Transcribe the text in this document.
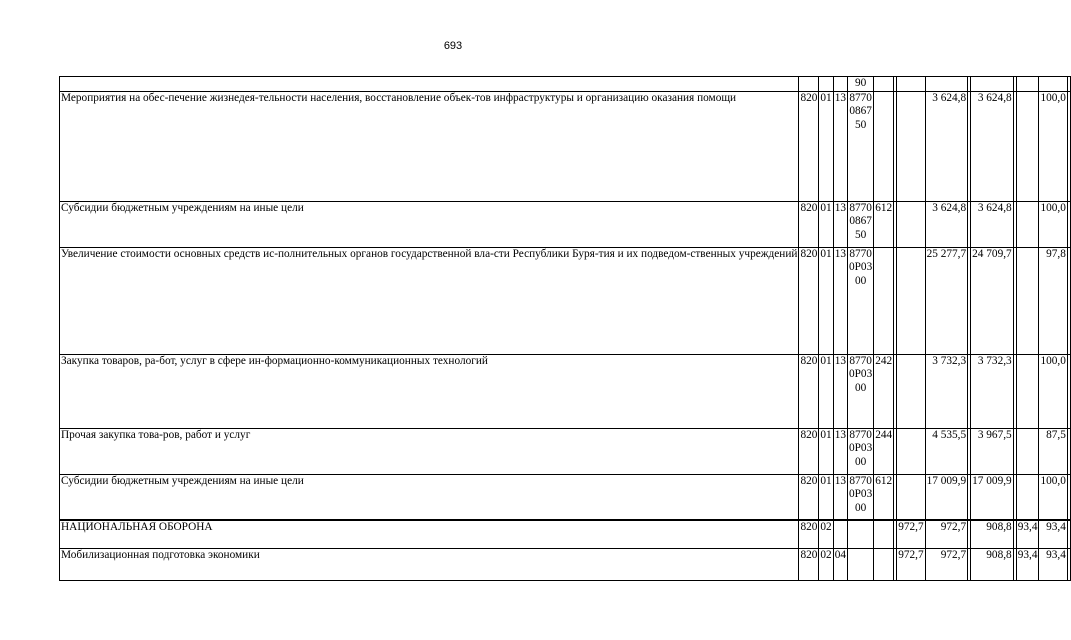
693

				90										

Мероприятия на обес-печение жизнедея-тельности населения, восстановление объек-тов инфраструктуры и организацию оказания помощи	820	01	13	8770
0867
50				3 624,8		3 624,8			100,0	
Субсидии бюджетным учреждениям на иные цели	820	01	13	8770
0867
50	612			3 624,8		3 624,8			100,0	
Увеличение стоимости основных средств ис-полнительных органов государственной вла-сти Республики Буря-тия и их подведом-ственных учреждений	820	01	13	8770
0P03
00				25 277,7		24 709,7			97,8	
Закупка товаров, ра-бот, услуг в сфере ин-формационно-коммуникационных технологий	820	01	13	8770
0P03
00	242			3 732,3		3 732,3			100,0	
Прочая закупка това-ров, работ и услуг	820	01	13	8770
0P03
00	244			4 535,5		3 967,5			87,5	
Субсидии бюджетным учреждениям на иные цели	820	01	13	8770
0P03
00	612			17 009,9		17 009,9			100,0	
НАЦИОНАЛЬНАЯ ОБОРОНА	820	02					972,7	972,7		908,8		93,4	93,4	
Мобилизационная подготовка экономики	820	02	04				972,7	972,7		908,8		93,4	93,4	
